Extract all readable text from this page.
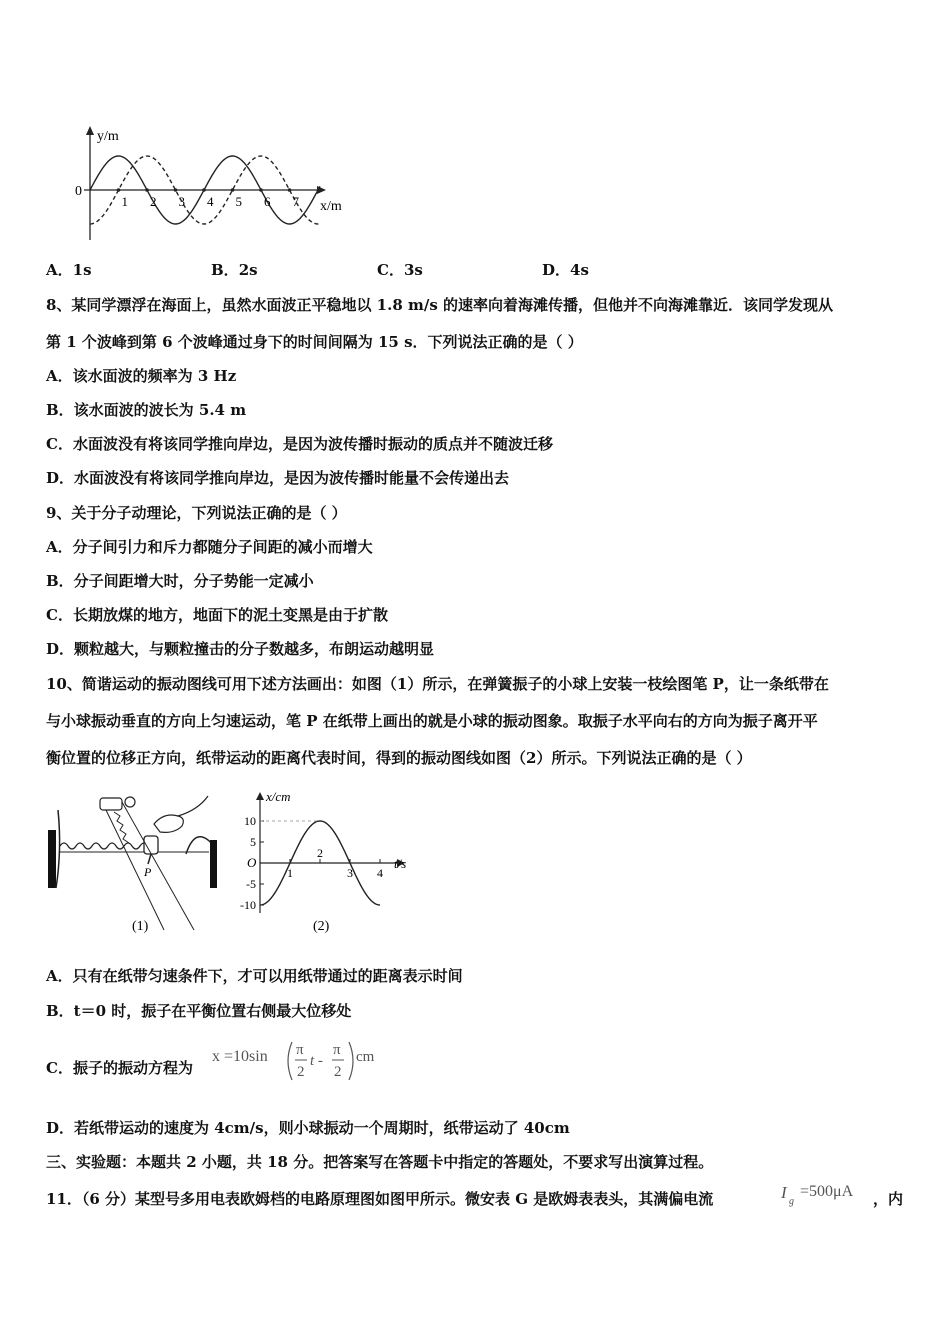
y/m
x/m
0
1 2 3 4 5 6 7
A．1s	B．2s	C．3s	D．4s
8、某同学漂浮在海面上，虽然水面波正平稳地以 1.8 m/s 的速率向着海滩传播，但他并不向海滩靠近．该同学发现从
第 1 个波峰到第 6 个波峰通过身下的时间间隔为 15 s．下列说法正确的是（ ）
A．该水面波的频率为 3 Hz
B．该水面波的波长为 5.4 m
C．水面波没有将该同学推向岸边，是因为波传播时振动的质点并不随波迁移
D．水面波没有将该同学推向岸边，是因为波传播时能量不会传递出去
9、关于分子动理论，下列说法正确的是（ ）
A．分子间引力和斥力都随分子间距的减小而增大
B．分子间距增大时，分子势能一定减小
C．长期放煤的地方，地面下的泥土变黑是由于扩散
D．颗粒越大，与颗粒撞击的分子数越多，布朗运动越明显
10、简谐运动的振动图线可用下述方法画出：如图（1）所示，在弹簧振子的小球上安装一枝绘图笔 P，让一条纸带在
与小球振动垂直的方向上匀速运动，笔 P 在纸带上画出的就是小球的振动图象。取振子水平向右的方向为振子离开平
衡位置的位移正方向，纸带运动的距离代表时间，得到的振动图线如图（2）所示。下列说法正确的是（ ）
P
(1)
10
5
-5
-10
1
2
3 4
x/cm
t/s
O
(2)
A．只有在纸带匀速条件下，才可以用纸带通过的距离表示时间
B．t＝0 时，振子在平衡位置右侧最大位移处
C．振子的振动方程为
x =10sin π
2
t -
π
2
cm
D．若纸带运动的速度为 4cm/s，则小球振动一个周期时，纸带运动了 40cm
三、实验题：本题共 2 小题，共 18 分。把答案写在答题卡中指定的答题处，不要求写出演算过程。
11．（6 分）某型号多用电表欧姆档的电路原理图如图甲所示。微安表 G 是欧姆表表头，其满偏电流	I g
=500μA ，内
